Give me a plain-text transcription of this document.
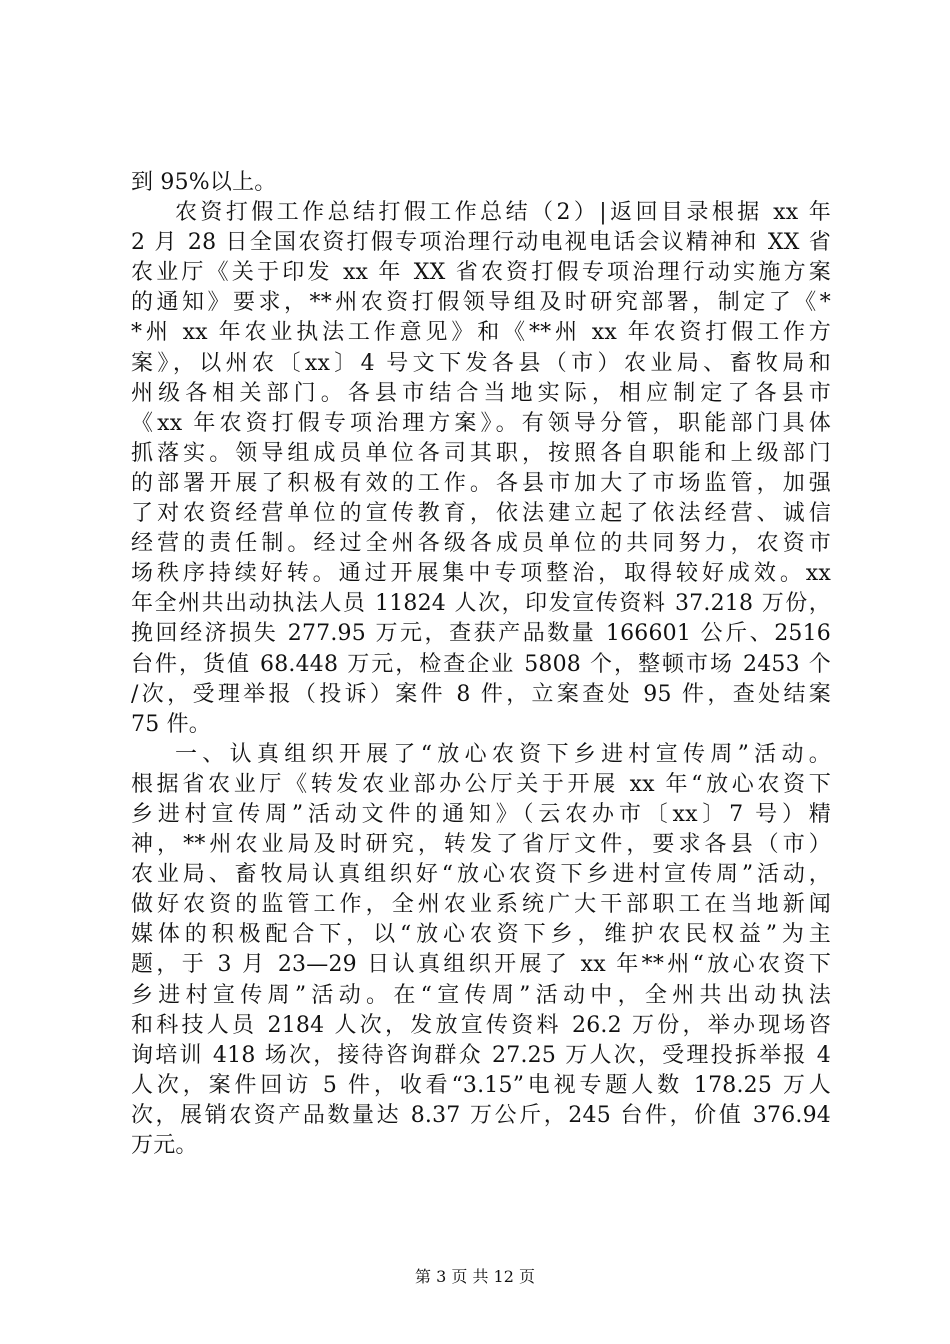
到 95%以上。
农资打假工作总结打假工作总结（2）|返回目录根据 xx 年
2 月 28 日全国农资打假专项治理行动电视电话会议精神和 XX 省
农业厅《关于印发 xx 年 XX 省农资打假专项治理行动实施方案
的通知》要求，**州农资打假领导组及时研究部署，制定了《*
*州 xx 年农业执法工作意见》和《**州 xx 年农资打假工作方
案》，以州农〔xx〕4 号文下发各县（市）农业局、畜牧局和
州级各相关部门。各县市结合当地实际，相应制定了各县市
《xx 年农资打假专项治理方案》。有领导分管，职能部门具体
抓落实。领导组成员单位各司其职，按照各自职能和上级部门
的部署开展了积极有效的工作。各县市加大了市场监管，加强
了对农资经营单位的宣传教育，依法建立起了依法经营、诚信
经营的责任制。经过全州各级各成员单位的共同努力，农资市
场秩序持续好转。通过开展集中专项整治，取得较好成效。xx
年全州共出动执法人员 11824 人次，印发宣传资料 37.218 万份，
挽回经济损失 277.95 万元，查获产品数量 166601 公斤、2516
台件，货值 68.448 万元，检查企业 5808 个，整顿市场 2453 个
/次，受理举报（投诉）案件 8 件，立案查处 95 件，查处结案
75 件。
一、认真组织开展了“放心农资下乡进村宣传周”活动。
根据省农业厅《转发农业部办公厅关于开展 xx 年“放心农资下
乡进村宣传周”活动文件的通知》（云农办市〔xx〕7 号）精
神，**州农业局及时研究，转发了省厅文件，要求各县（市）
农业局、畜牧局认真组织好“放心农资下乡进村宣传周”活动，
做好农资的监管工作，全州农业系统广大干部职工在当地新闻
媒体的积极配合下，以“放心农资下乡，维护农民权益”为主
题，于 3 月 23—29 日认真组织开展了 xx 年**州“放心农资下
乡进村宣传周”活动。在“宣传周”活动中，全州共出动执法
和科技人员 2184 人次，发放宣传资料 26.2 万份，举办现场咨
询培训 418 场次，接待咨询群众 27.25 万人次，受理投拆举报 4
人次，案件回访 5 件，收看“3.15”电视专题人数 178.25 万人
次，展销农资产品数量达 8.37 万公斤，245 台件，价值 376.94
万元。
第 3 页 共 12 页
